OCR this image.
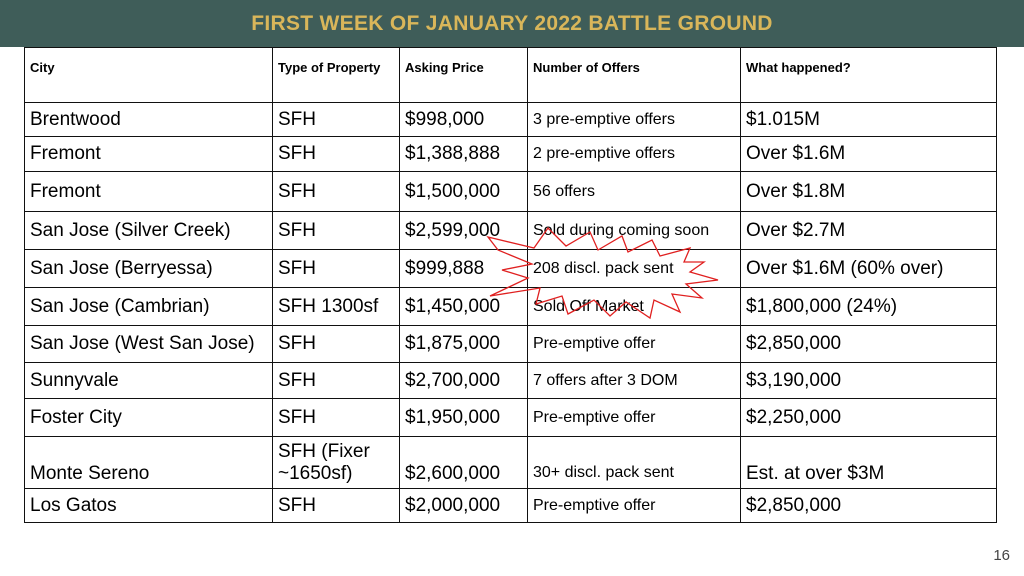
FIRST WEEK OF JANUARY 2022 BATTLE GROUND
City	Type of Property	Asking Price	Number of Offers	What happened?
Brentwood	SFH	$998,000	3 pre-emptive offers	$1.015M
Fremont	SFH	$1,388,888	2 pre-emptive offers	Over $1.6M
Fremont	SFH	$1,500,000	56 offers	Over $1.8M
San Jose (Silver Creek)	SFH	$2,599,000	Sold during coming soon	Over $2.7M
San Jose (Berryessa)	SFH	$999,888	208 discl. pack sent	Over $1.6M (60% over)
San Jose (Cambrian)	SFH 1300sf	$1,450,000	Sold Off Market	$1,800,000 (24%)
San Jose (West San Jose)	SFH	$1,875,000	Pre-emptive offer	$2,850,000
Sunnyvale	SFH	$2,700,000	7 offers after 3 DOM	$3,190,000
Foster City	SFH	$1,950,000	Pre-emptive offer	$2,250,000
Monte Sereno	SFH (Fixer ~1650sf)	$2,600,000	30+ discl. pack sent	Est. at over $3M
Los Gatos	SFH	$2,000,000	Pre-emptive offer	$2,850,000
16
